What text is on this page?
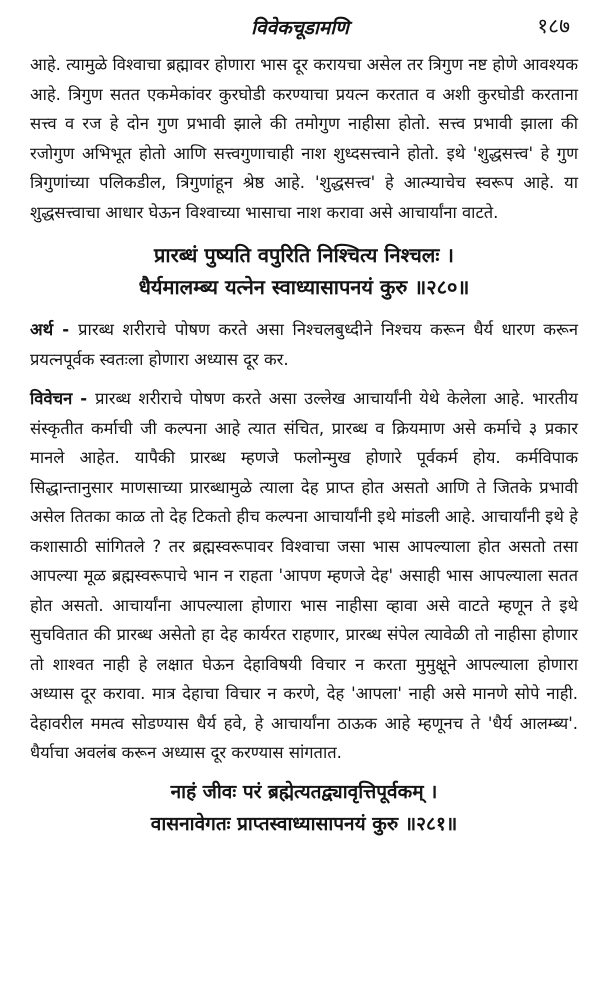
विवेकचूडामणि	१८७

आहे. त्यामुळे विश्वाचा ब्रह्मावर होणारा भास दूर करायचा असेल तर त्रिगुण नष्ट होणे आवश्यक आहे. त्रिगुण सतत एकमेकांवर कुरघोडी करण्याचा प्रयत्न करतात व अशी कुरघोडी करताना सत्त्व व रज हे दोन गुण प्रभावी झाले की तमोगुण नाहीसा होतो. सत्त्व प्रभावी झाला की रजोगुण अभिभूत होतो आणि सत्त्वगुणाचाही नाश शुध्दसत्त्वाने होतो. इथे 'शुद्धसत्त्व' हे गुण त्रिगुणांच्या पलिकडील, त्रिगुणांहून श्रेष्ठ आहे. 'शुद्धसत्त्व' हे आत्म्याचेच स्वरूप आहे. या शुद्धसत्त्वाचा आधार घेऊन विश्वाच्या भासाचा नाश करावा असे आचार्यांना वाटते.

प्रारब्धं पुष्यति वपुरिति निश्चित्य निश्चलः ।
धैर्यमालम्ब्य यत्नेन स्वाध्यासापनयं कुरु ॥२८०॥

अर्थ - प्रारब्ध शरीराचे पोषण करते असा निश्चलबुध्दीने निश्चय करून धैर्य धारण करून प्रयत्नपूर्वक स्वतःला होणारा अध्यास दूर कर.

विवेचन - प्रारब्ध शरीराचे पोषण करते असा उल्लेख आचार्यांनी येथे केलेला आहे. भारतीय संस्कृतीत कर्माची जी कल्पना आहे त्यात संचित, प्रारब्ध व क्रियमाण असे कर्माचे ३ प्रकार मानले आहेत. यापैकी प्रारब्ध म्हणजे फलोन्मुख होणारे पूर्वकर्म होय. कर्मविपाक सिद्धान्तानुसार माणसाच्या प्रारब्धामुळे त्याला देह प्राप्त होत असतो आणि ते जितके प्रभावी असेल तितका काळ तो देह टिकतो हीच कल्पना आचार्यांनी इथे मांडली आहे. आचार्यांनी इथे हे कशासाठी सांगितले ? तर ब्रह्मस्वरूपावर विश्वाचा जसा भास आपल्याला होत असतो तसा आपल्या मूळ ब्रह्मस्वरूपाचे भान न राहता 'आपण म्हणजे देह' असाही भास आपल्याला सतत होत असतो. आचार्यांना आपल्याला होणारा भास नाहीसा व्हावा असे वाटते म्हणून ते इथे सुचवितात की प्रारब्ध असेतो हा देह कार्यरत राहणार, प्रारब्ध संपेल त्यावेळी तो नाहीसा होणार तो शाश्वत नाही हे लक्षात घेऊन देहाविषयी विचार न करता मुमुक्षूने आपल्याला होणारा अध्यास दूर करावा. मात्र देहाचा विचार न करणे, देह 'आपला' नाही असे मानणे सोपे नाही. देहावरील ममत्व सोडण्यास धैर्य हवे, हे आचार्यांना ठाऊक आहे म्हणूनच ते 'धैर्य आलम्ब्य'. धैर्याचा अवलंब करून अध्यास दूर करण्यास सांगतात.

नाहं जीवः परं ब्रह्मेत्यतद्व्यावृत्तिपूर्वकम् ।
वासनावेगतः प्राप्तस्वाध्यासापनयं कुरु ॥२८१॥
